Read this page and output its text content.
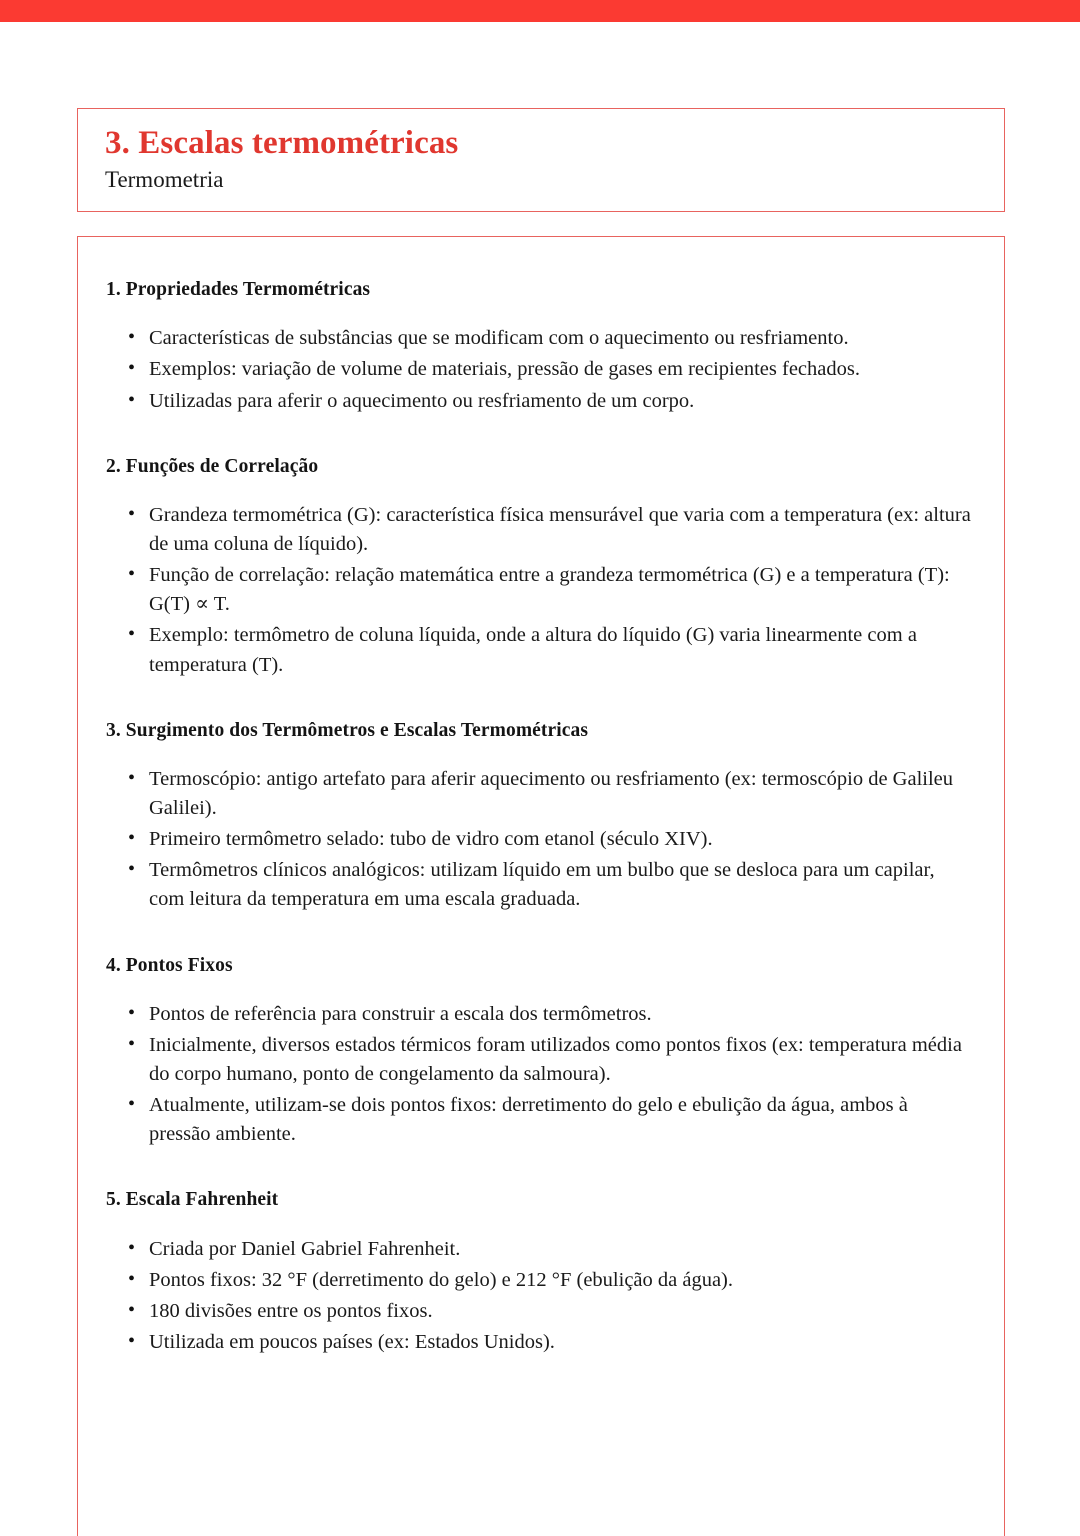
3. Escalas termométricas
Termometria
1. Propriedades Termométricas
• Características de substâncias que se modificam com o aquecimento ou resfriamento.
• Exemplos: variação de volume de materiais, pressão de gases em recipientes fechados.
• Utilizadas para aferir o aquecimento ou resfriamento de um corpo.
2. Funções de Correlação
• Grandeza termométrica (G): característica física mensurável que varia com a temperatura (ex: altura de uma coluna de líquido).
• Função de correlação: relação matemática entre a grandeza termométrica (G) e a temperatura (T): G(T) ∝ T.
• Exemplo: termômetro de coluna líquida, onde a altura do líquido (G) varia linearmente com a temperatura (T).
3. Surgimento dos Termômetros e Escalas Termométricas
• Termoscópio: antigo artefato para aferir aquecimento ou resfriamento (ex: termoscópio de Galileu Galilei).
• Primeiro termômetro selado: tubo de vidro com etanol (século XIV).
• Termômetros clínicos analógicos: utilizam líquido em um bulbo que se desloca para um capilar, com leitura da temperatura em uma escala graduada.
4. Pontos Fixos
• Pontos de referência para construir a escala dos termômetros.
• Inicialmente, diversos estados térmicos foram utilizados como pontos fixos (ex: temperatura média do corpo humano, ponto de congelamento da salmoura).
• Atualmente, utilizam-se dois pontos fixos: derretimento do gelo e ebulição da água, ambos à pressão ambiente.
5. Escala Fahrenheit
• Criada por Daniel Gabriel Fahrenheit.
• Pontos fixos: 32 °F (derretimento do gelo) e 212 °F (ebulição da água).
• 180 divisões entre os pontos fixos.
• Utilizada em poucos países (ex: Estados Unidos).
